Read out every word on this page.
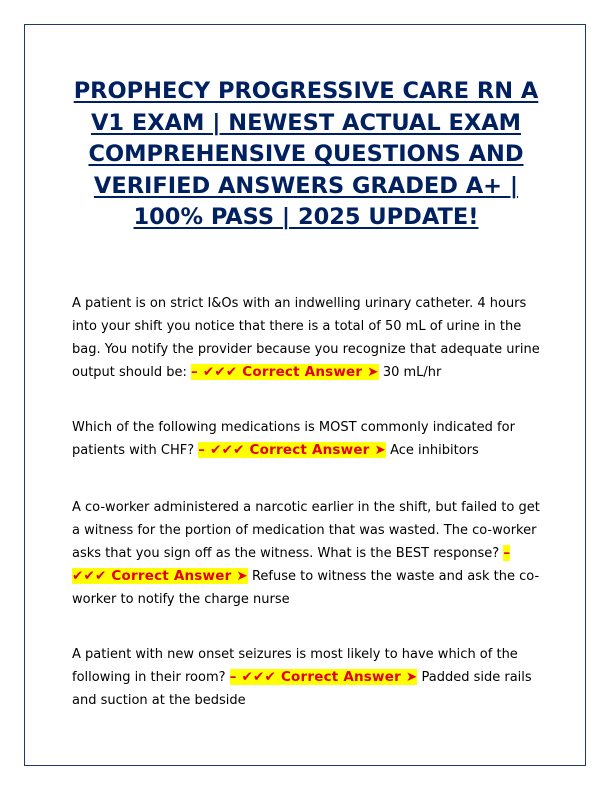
PROPHECY PROGRESSIVE CARE RN A V1 EXAM | NEWEST ACTUAL EXAM COMPREHENSIVE QUESTIONS AND VERIFIED ANSWERS GRADED A+ | 100% PASS | 2025 UPDATE!

A patient is on strict I&Os with an indwelling urinary catheter. 4 hours into your shift you notice that there is a total of 50 mL of urine in the bag. You notify the provider because you recognize that adequate urine output should be: – ✔✔✔ Correct Answer ➤ 30 mL/hr

Which of the following medications is MOST commonly indicated for patients with CHF? – ✔✔✔ Correct Answer ➤ Ace inhibitors

A co-worker administered a narcotic earlier in the shift, but failed to get a witness for the portion of medication that was wasted. The co-worker asks that you sign off as the witness. What is the BEST response? – ✔✔✔ Correct Answer ➤ Refuse to witness the waste and ask the co-worker to notify the charge nurse

A patient with new onset seizures is most likely to have which of the following in their room? – ✔✔✔ Correct Answer ➤ Padded side rails and suction at the bedside
